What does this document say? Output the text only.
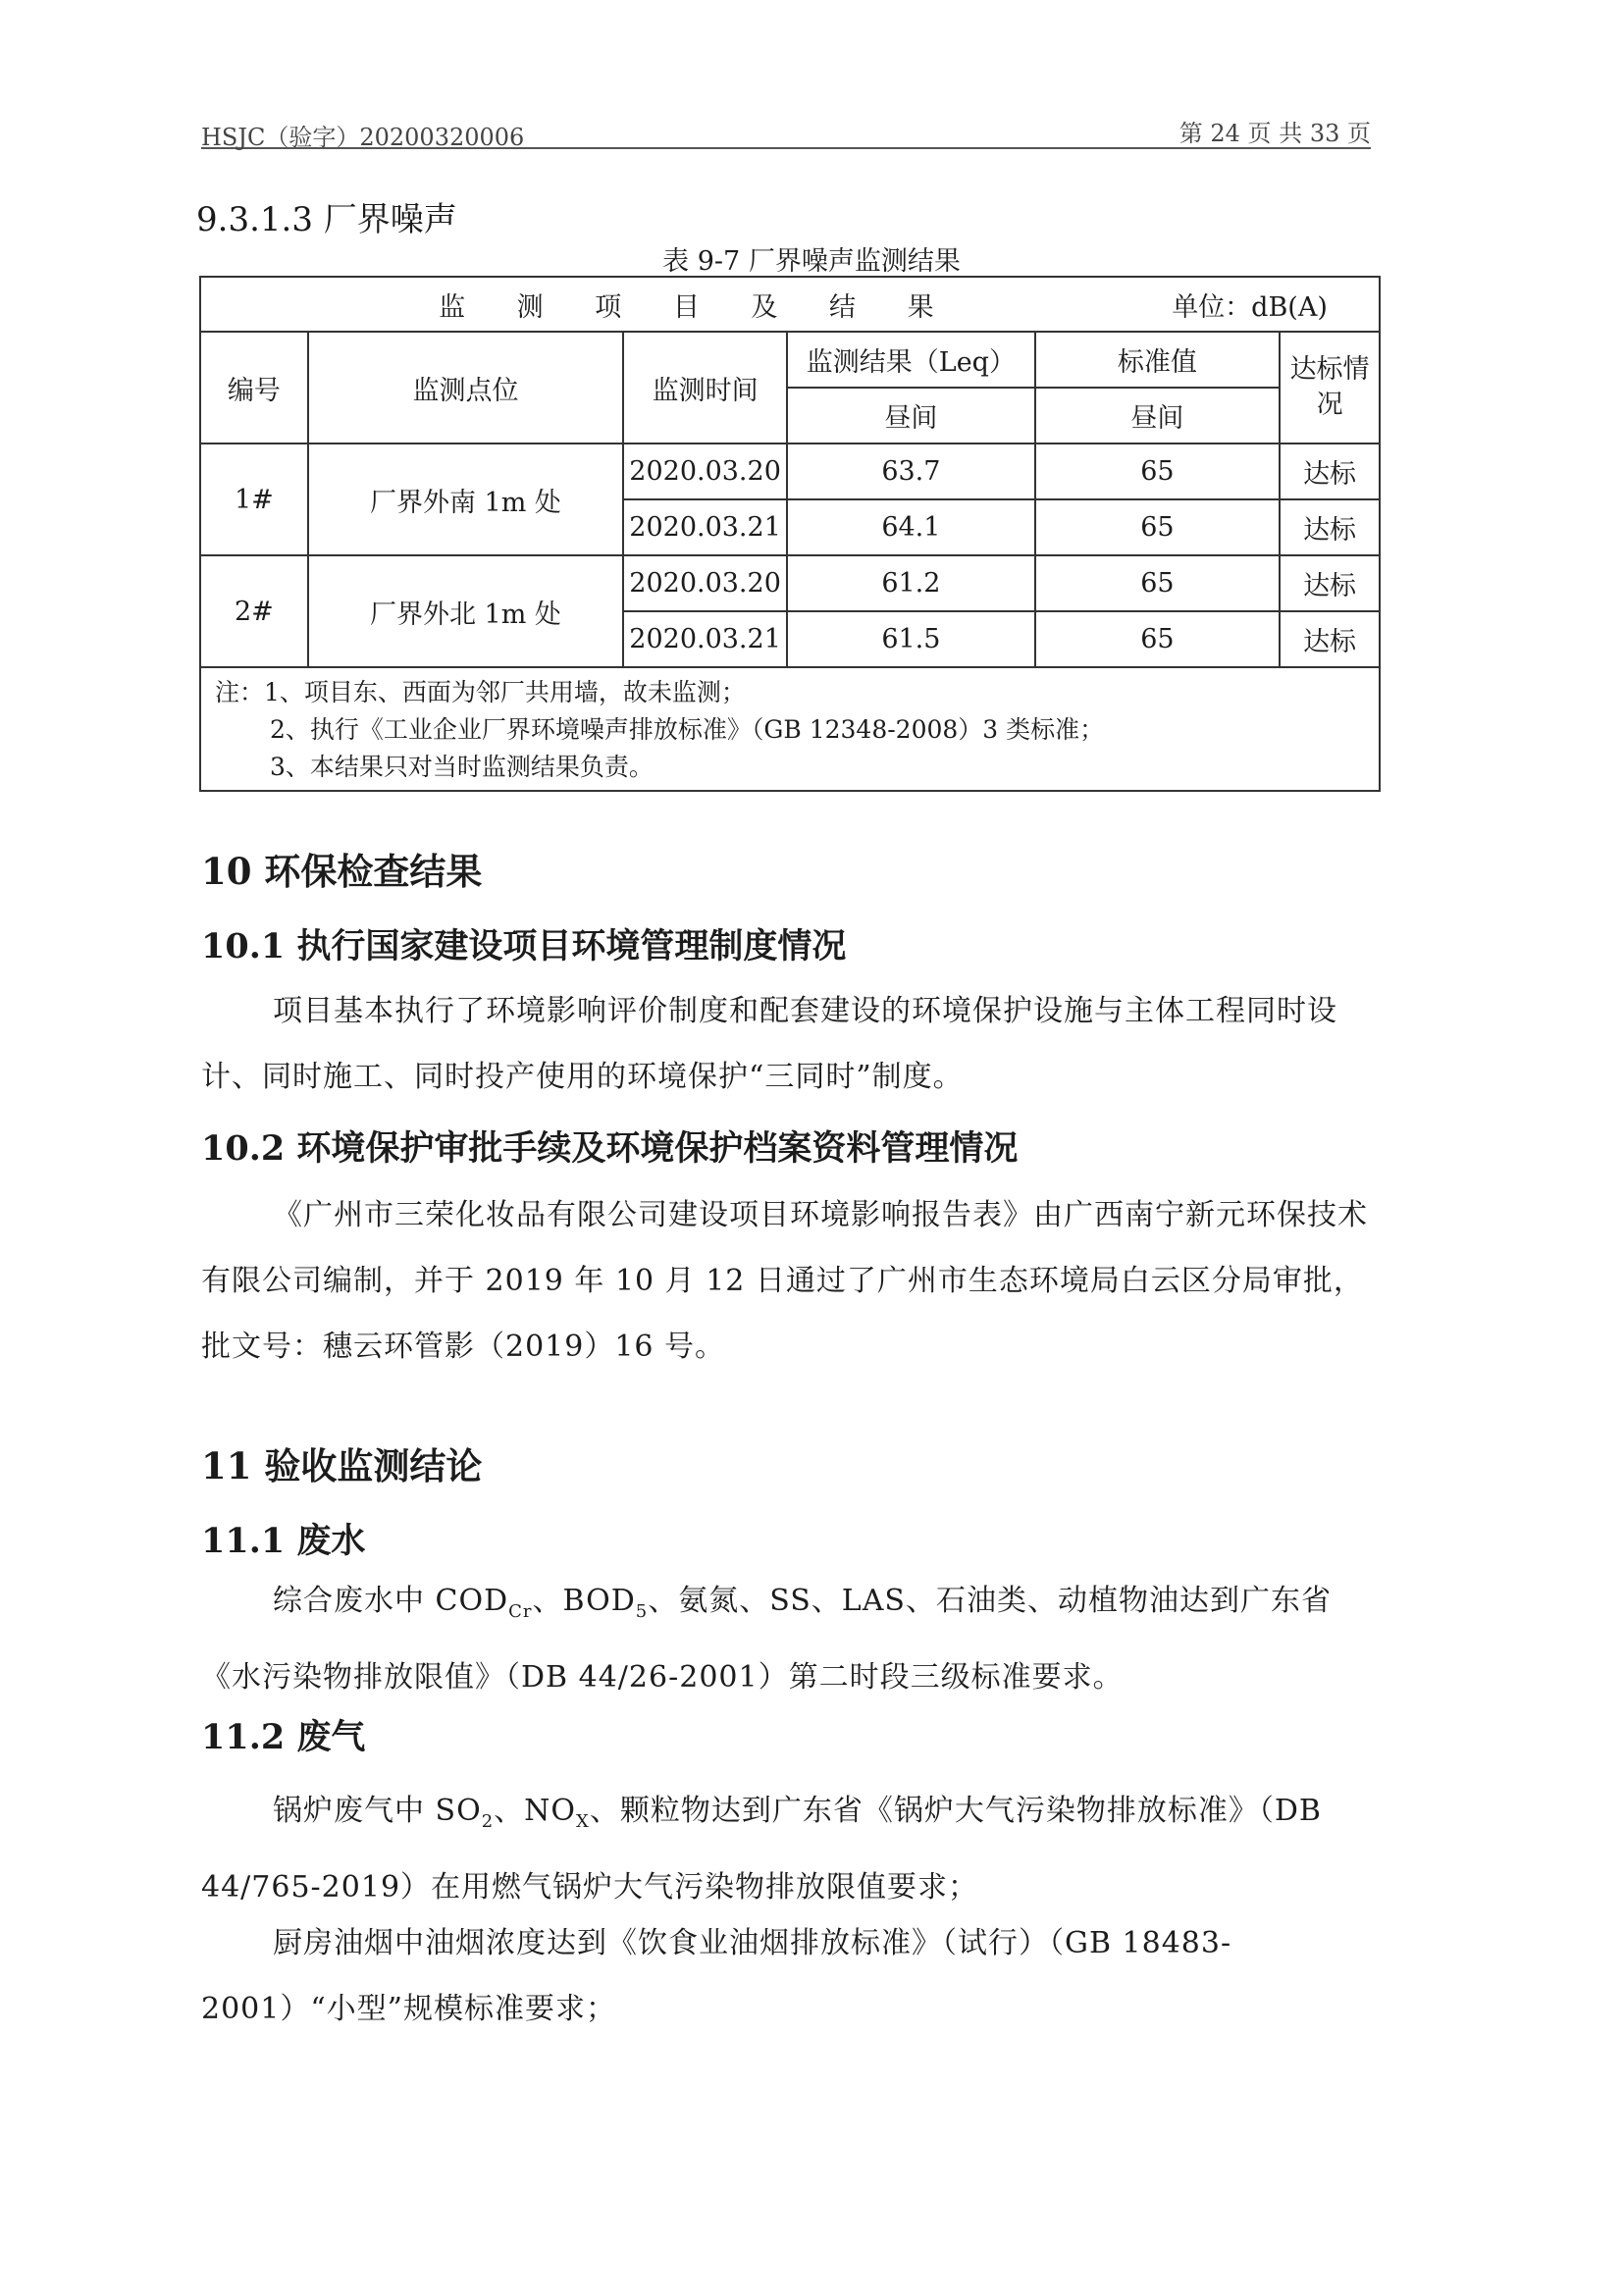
HSJC（验字）20200320006	第 24 页 共 33 页
9.3.1.3 厂界噪声
表 9-7 厂界噪声监测结果
监 测 项 目 及 结 果 单位：dB(A)					
编号	监测点位	监测时间	监测结果（Leq）	标准值	达标情况
			昼间	昼间	
1#	厂界外南 1m 处	2020.03.20	63.7	65	达标
		2020.03.21	64.1	65	达标
2#	厂界外北 1m 处	2020.03.20	61.2	65	达标
		2020.03.21	61.5	65	达标

注：1、项目东、西面为邻厂共用墙，故未监测；
2、执行《工业企业厂界环境噪声排放标准》（GB 12348-2008）3 类标准；
3、本结果只对当时监测结果负责。					
10 环保检查结果
10.1 执行国家建设项目环境管理制度情况
项目基本执行了环境影响评价制度和配套建设的环境保护设施与主体工程同时设计、同时施工、同时投产使用的环境保护“三同时”制度。
10.2 环境保护审批手续及环境保护档案资料管理情况
《广州市三荣化妆品有限公司建设项目环境影响报告表》由广西南宁新元环保技术有限公司编制，并于 2019 年 10 月 12 日通过了广州市生态环境局白云区分局审批，批文号：穗云环管影（2019）16 号。
11 验收监测结论
11.1 废水
综合废水中 $COD_{Cr}$、$BOD_5$、氨氮、SS、LAS、石油类、动植物油达到广东省《水污染物排放限值》（DB 44/26-2001）第二时段三级标准要求。
11.2 废气
锅炉废气中 $SO_2$、$NO_X$、颗粒物达到广东省《锅炉大气污染物排放标准》（DB 44/765-2019）在用燃气锅炉大气污染物排放限值要求；
厨房油烟中油烟浓度达到《饮食业油烟排放标准》（试行）（GB 18483-2001）“小型”规模标准要求；
